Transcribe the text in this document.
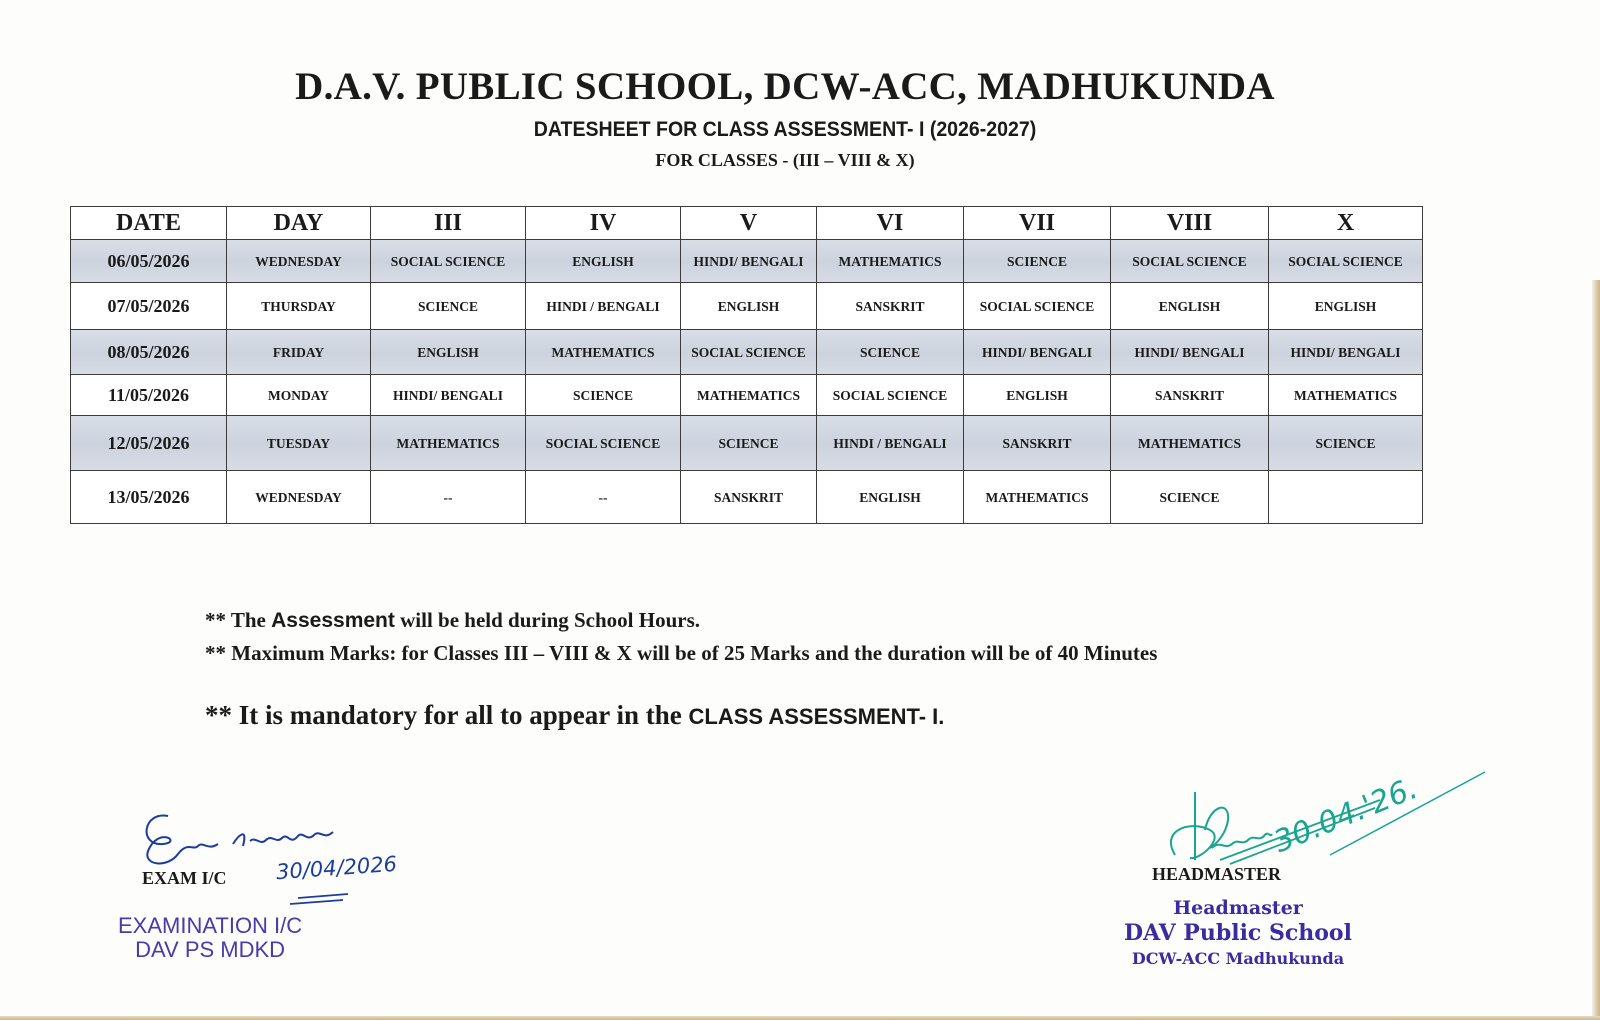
D.A.V. PUBLIC SCHOOL, DCW-ACC, MADHUKUNDA
DATESHEET FOR CLASS ASSESSMENT- I (2026-2027)
FOR CLASSES - (III – VIII & X)
DATE	DAY	III	IV	V	VI	VII	VIII	X
06/05/2026	WEDNESDAY	SOCIAL SCIENCE	ENGLISH	HINDI/ BENGALI	MATHEMATICS	SCIENCE	SOCIAL SCIENCE	SOCIAL SCIENCE
07/05/2026	THURSDAY	SCIENCE	HINDI / BENGALI	ENGLISH	SANSKRIT	SOCIAL SCIENCE	ENGLISH	ENGLISH
08/05/2026	FRIDAY	ENGLISH	MATHEMATICS	SOCIAL SCIENCE	SCIENCE	HINDI/ BENGALI	HINDI/ BENGALI	HINDI/ BENGALI
11/05/2026	MONDAY	HINDI/ BENGALI	SCIENCE	MATHEMATICS	SOCIAL SCIENCE	ENGLISH	SANSKRIT	MATHEMATICS
12/05/2026	TUESDAY	MATHEMATICS	SOCIAL SCIENCE	SCIENCE	HINDI / BENGALI	SANSKRIT	MATHEMATICS	SCIENCE
13/05/2026	WEDNESDAY	--	--	SANSKRIT	ENGLISH	MATHEMATICS	SCIENCE	
** The Assessment will be held during School Hours.
** Maximum Marks: for Classes III – VIII & X will be of 25 Marks and the duration will be of 40 Minutes
** It is mandatory for all to appear in the CLASS ASSESSMENT- I.
30/04/2026
EXAM I/C
EXAMINATION I/C
DAV PS MDKD
30.04.'26.
HEADMASTER
Headmaster
DAV Public School
DCW-ACC Madhukunda
